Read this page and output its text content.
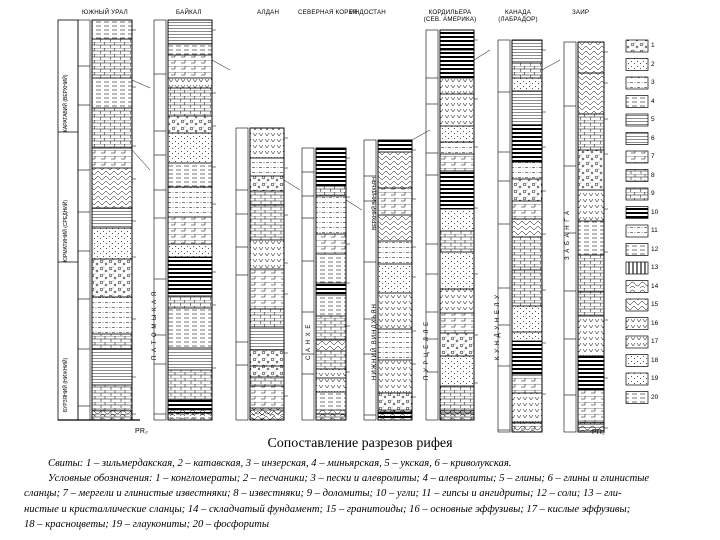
ЮЖНЫЙ УРАЛ	БАЙКАЛ	АЛДАН	СЕВЕРНАЯ КОРЕЯ
ИНДОСТАН	КОРДИЛЬЕРА (СЕВ. АМЕРИКА)
КАНАДА (ЛАБРАДОР)
ЗАИР
БУРЗЯНИЙ (НИЖНИЙ)
ЮРМАТИНИЙ (СРЕДНИЙ)
КАРАТАВИЙ (ВЕРХНИЙ)
П А Т О М Ы К А Я	С А Н Х Е	НИЖНИЙ ВИНДХЬЯН
ВЕРХНИЙ ВИНДХЬЯН
П У Р Ц Е Л Л Е	К У Н Д У Н Е Л У
З А Б А Н Г А
PR₂	PR₂
1
2
3
4
5
6
7
8
9
10
11
12
13
14
15
16
17
18
19
20
Сопоставление разрезов рифея
Свиты: 1 – зильмердакская, 2 – катавская, 3 – инзерская, 4 – миньярская, 5 – укская, 6 – криволукская.
Условные обозначения: 1 – конгломераты; 2 – песчаники; 3 – пески и алевролиты; 4 – алевролиты; 5 – глины; 6 – глины и глинистые
сланцы; 7 – мергели и глинистые известняки; 8 – известняки; 9 – доломиты; 10 – угли; 11 – гипсы и ангидриты; 12 – соли; 13 – гли-
нистые и кристаллические сланцы; 14 – складчатый фундамент; 15 – гранитоиды; 16 – основные эффузивы; 17 – кислые эффузивы;
18 – красноцветы; 19 – глаукониты; 20 – фосфориты
